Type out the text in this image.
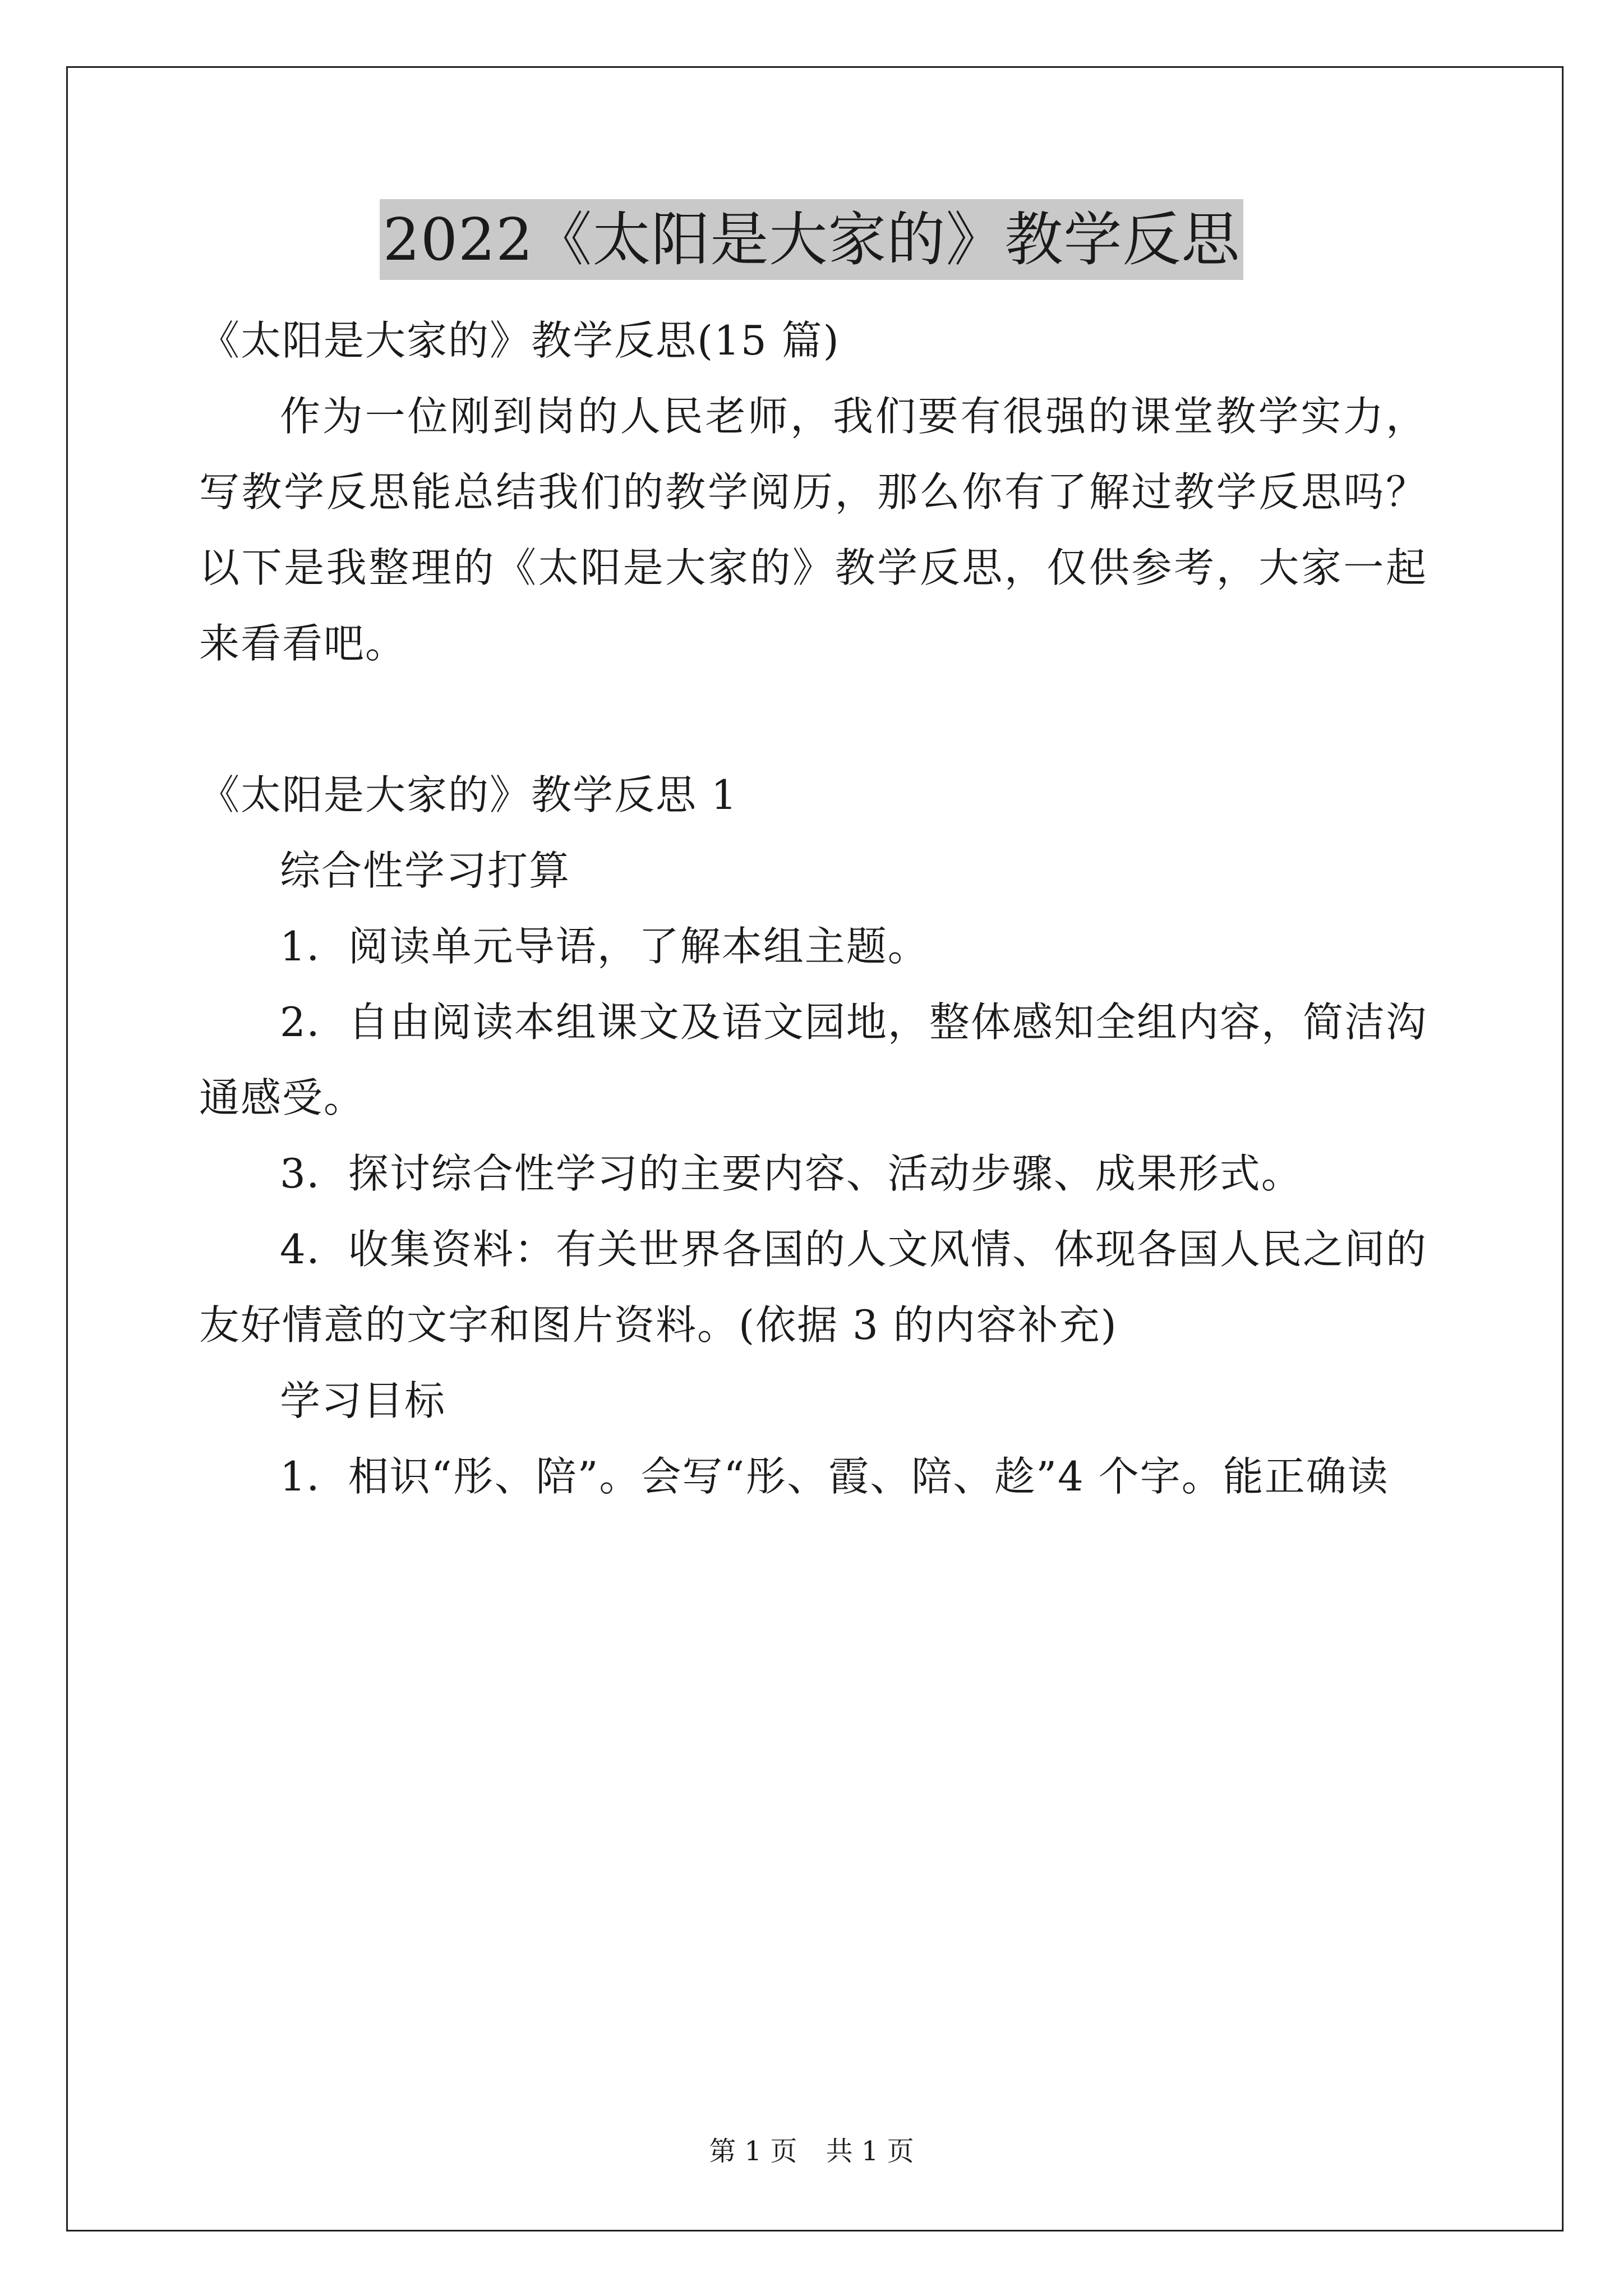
2022《太阳是大家的》教学反思

《太阳是大家的》教学反思(15 篇)

作为一位刚到岗的人民老师，我们要有很强的课堂教学实力，写教学反思能总结我们的教学阅历，那么你有了解过教学反思吗？以下是我整理的《太阳是大家的》教学反思，仅供参考，大家一起来看看吧。

《太阳是大家的》教学反思 1

综合性学习打算

1．阅读单元导语，了解本组主题。

2．自由阅读本组课文及语文园地，整体感知全组内容，简洁沟通感受。

3．探讨综合性学习的主要内容、活动步骤、成果形式。

4．收集资料：有关世界各国的人文风情、体现各国人民之间的友好情意的文字和图片资料。(依据 3 的内容补充)

学习目标

1．相识“彤、陪”。会写“彤、霞、陪、趁”4 个字。能正确读

第 1 页 共 1 页
